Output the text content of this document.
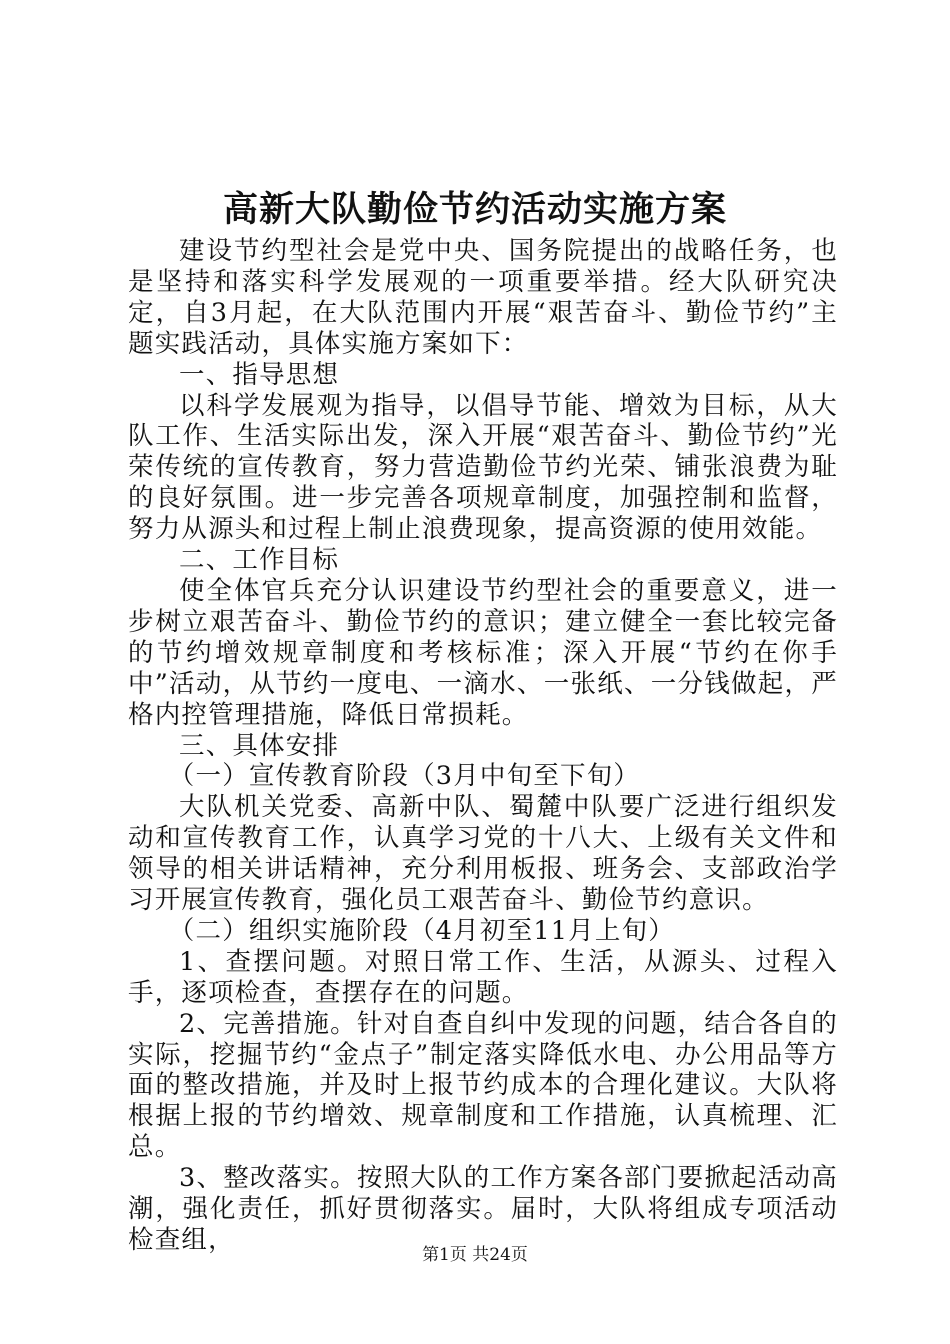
高新大队勤俭节约活动实施方案

建设节约型社会是党中央、国务院提出的战略任务，也是坚持和落实科学发展观的一项重要举措。经大队研究决定，自3月起，在大队范围内开展“艰苦奋斗、勤俭节约”主题实践活动，具体实施方案如下：

一、指导思想

以科学发展观为指导，以倡导节能、增效为目标，从大队工作、生活实际出发，深入开展“艰苦奋斗、勤俭节约”光荣传统的宣传教育，努力营造勤俭节约光荣、铺张浪费为耻的良好氛围。进一步完善各项规章制度，加强控制和监督，努力从源头和过程上制止浪费现象，提高资源的使用效能。

二、工作目标

使全体官兵充分认识建设节约型社会的重要意义，进一步树立艰苦奋斗、勤俭节约的意识；建立健全一套比较完备的节约增效规章制度和考核标准；深入开展“节约在你手中”活动，从节约一度电、一滴水、一张纸、一分钱做起，严格内控管理措施，降低日常损耗。

三、具体安排

（一）宣传教育阶段（3月中旬至下旬）

大队机关党委、高新中队、蜀麓中队要广泛进行组织发动和宣传教育工作，认真学习党的十八大、上级有关文件和领导的相关讲话精神，充分利用板报、班务会、支部政治学习开展宣传教育，强化员工艰苦奋斗、勤俭节约意识。

（二）组织实施阶段（4月初至11月上旬）

1、查摆问题。对照日常工作、生活，从源头、过程入手，逐项检查，查摆存在的问题。

2、完善措施。针对自查自纠中发现的问题，结合各自的实际，挖掘节约“金点子”制定落实降低水电、办公用品等方面的整改措施，并及时上报节约成本的合理化建议。大队将根据上报的节约增效、规章制度和工作措施，认真梳理、汇总。

3、整改落实。按照大队的工作方案各部门要掀起活动高潮，强化责任，抓好贯彻落实。届时，大队将组成专项活动检查组，	第1页 共24页
